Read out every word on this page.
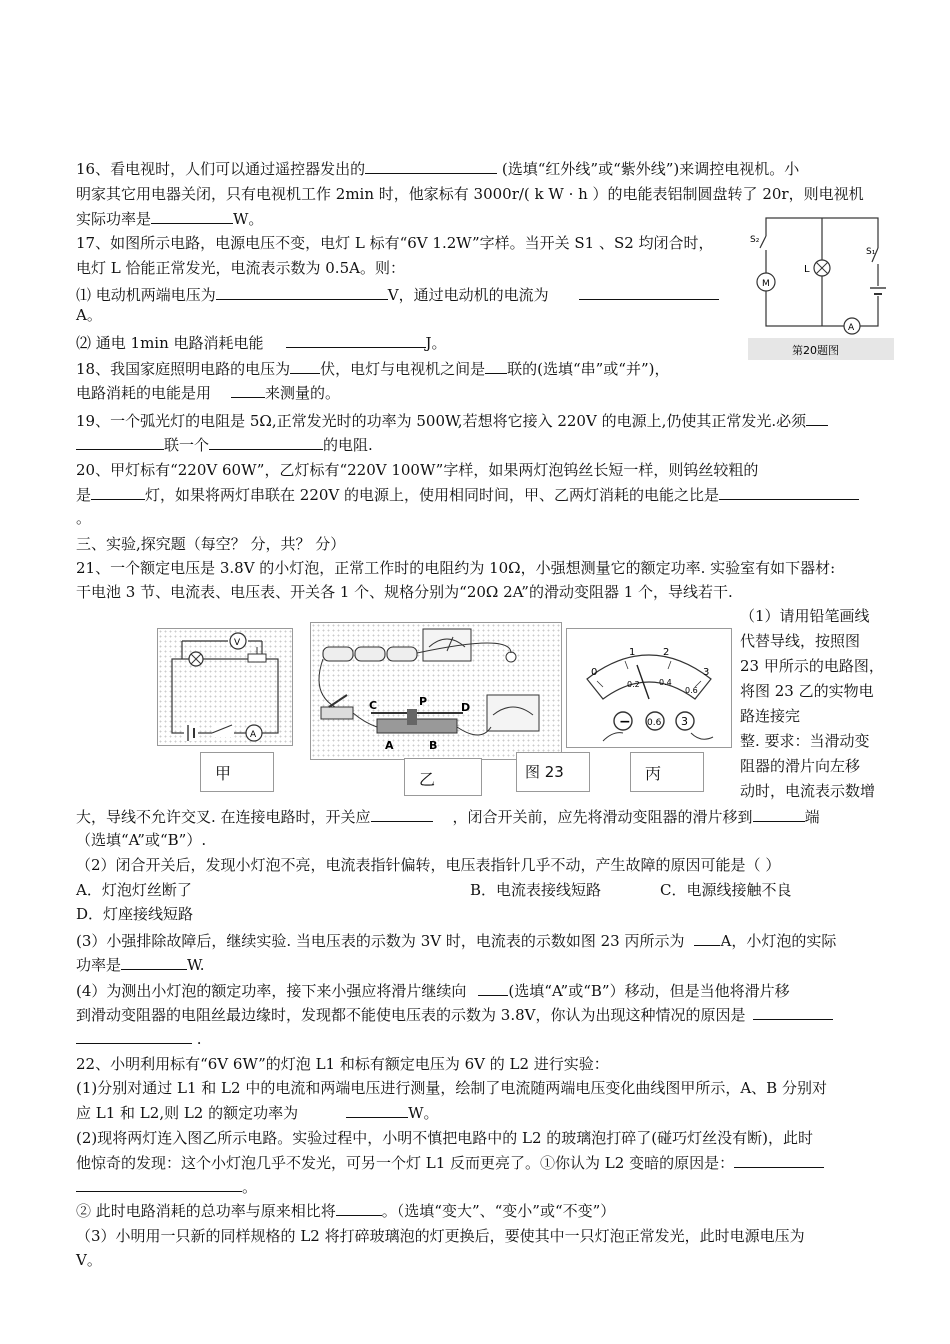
16、看电视时，人们可以通过遥控器发出的	(选填“红外线”或“紫外线”)来调控电视机。小
明家其它用电器关闭，只有电视机工作 2min 时，他家标有 3000r/( k W · h ）的电能表铝制圆盘转了 20r，则电视机
实际功率是	W。
17、如图所示电路，电源电压不变，电灯 L 标有“6V 1.2W”字样。当开关 S1 、S2 均闭合时，
电灯 L 恰能正常发光，电流表示数为 0.5A。则：
⑴ 电动机两端电压为	V，通过电动机的电流为
A。
⑵ 通电 1min 电路消耗电能	J。
S₂
M
L
S₁
A
第20题图
18、我国家庭照明电路的电压为 伏，电灯与电视机之间是 联的(选填“串”或“并”)，
电路消耗的电能是用	来测量的。
19、一个弧光灯的电阻是 5Ω,正常发光时的功率为 500W,若想将它接入 220V 的电源上,仍使其正常发光.必须
联一个	的电阻.
20、甲灯标有“220V 60W”，乙灯标有“220V 100W”字样，如果两灯泡钨丝长短一样，则钨丝较粗的
是	灯，如果将两灯串联在 220V 的电源上，使用相同时间，甲、乙两灯消耗的电能之比是
。
三、实验,探究题（每空？ 分，共？ 分）
21、一个额定电压是 3.8V 的小灯泡，正常工作时的电阻约为 10Ω，小强想测量它的额定功率. 实验室有如下器材:
干电池 3 节、电流表、电压表、开关各 1 个、规格分别为“20Ω 2A”的滑动变阻器 1 个，导线若干.
（1）请用铅笔画线
代替导线，按照图
23 甲所示的电路图，
将图 23 乙的实物电
路连接完
整. 要求：当滑动变
阻器的滑片向左移
动时，电流表示数增
V
A
C	P	D
A	B
0
1	2
3
0.2 0.4
0.6
− 0.6 3
甲	乙	图 23	丙
大，导线不允许交叉. 在连接电路时，开关应	，闭合开关前，应先将滑动变阻器的滑片移到	端
（选填“A”或“B”）.
（2）闭合开关后，发现小灯泡不亮，电流表指针偏转，电压表指针几乎不动，产生故障的原因可能是（ ）
A．灯泡灯丝断了	B．电流表接线短路	C．电源线接触不良
D．灯座接线短路
(3）小强排除故障后，继续实验. 当电压表的示数为 3V 时，电流表的示数如图 23 丙所示为 A，小灯泡的实际
功率是	W.
(4）为测出小灯泡的额定功率，接下来小强应将滑片继续向	(选填“A”或“B”）移动，但是当他将滑片移
到滑动变阻器的电阻丝最边缘时，发现都不能使电压表的示数为 3.8V，你认为出现这种情况的原因是
.
22、小明利用标有“6V 6W”的灯泡 L1 和标有额定电压为 6V 的 L2 进行实验：
(1)分别对通过 L1 和 L2 中的电流和两端电压进行测量，绘制了电流随两端电压变化曲线图甲所示，A、B 分别对
应 L1 和 L2,则 L2 的额定功率为	W。
(2)现将两灯连入图乙所示电路。实验过程中，小明不慎把电路中的 L2 的玻璃泡打碎了(碰巧灯丝没有断)，此时
他惊奇的发现：这个小灯泡几乎不发光，可另一个灯 L1 反而更亮了。①你认为 L2 变暗的原因是：
。
② 此时电路消耗的总功率与原来相比将	。（选填“变大”、“变小”或“不变”）
（3）小明用一只新的同样规格的 L2 将打碎玻璃泡的灯更换后，要使其中一只灯泡正常发光，此时电源电压为
V。
